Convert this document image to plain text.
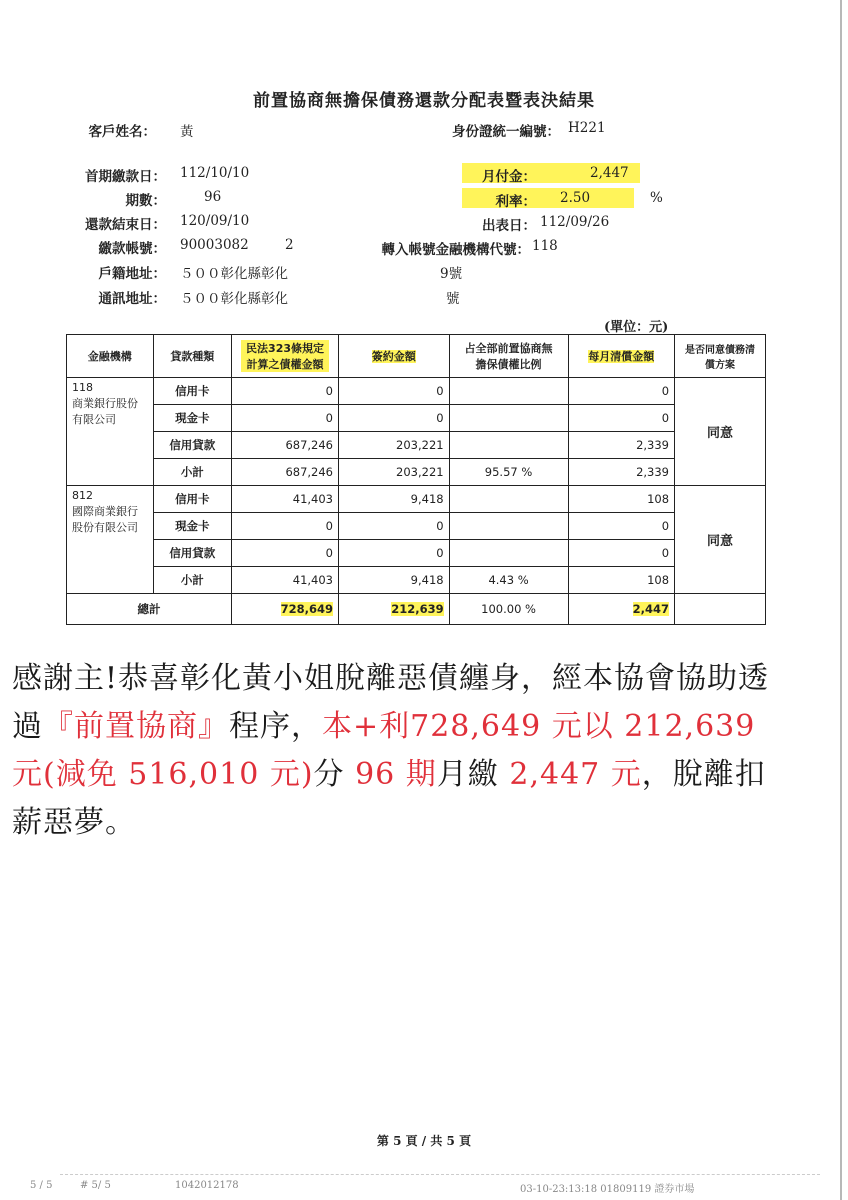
前置協商無擔保債務還款分配表暨表決結果
客戶姓名： 黃	身份證統一編號： H221
首期繳款日： 112/10/10
期數：	96
還款結束日： 120/09/10
繳款帳號： 90003082	2
戶籍地址： ５００彰化縣彰化	9號
通訊地址： ５００彰化縣彰化	號
月付金：	2,447
利率： 2.50	%
出表日： 112/09/26
轉入帳號金融機構代號： 118
(單位：元)
金融機構	貸款種類	民法323條規定計算之債權金額	簽約金額	占全部前置協商無擔保債權比例	每月清償金額	是否同意債務清償方案

118
商業銀行股份有限公司	信用卡	0	0		0	同意
	現金卡	0	0		0	
	信用貸款	687,246	203,221		2,339	
	小計	687,246	203,221	95.57 %	2,339	

812
國際商業銀行股份有限公司	信用卡	41,403	9,418		108	同意
	現金卡	0	0		0	
	信用貸款	0	0		0	
	小計	41,403	9,418	4.43 %	108	
總計		728,649	212,639	100.00 %	2,447	
感謝主!恭喜彰化黃小姐脫離惡債纏身，經本協會協助透過『前置協商』程序，本+利728,649 元以 212,639 元(減免 516,010 元)分 96 期月繳 2,447 元，脫離扣薪惡夢。
第 5 頁 / 共 5 頁
5 / 5	# 5/ 5	1042012178	03-10-23:13:18 01809119 證券市場
